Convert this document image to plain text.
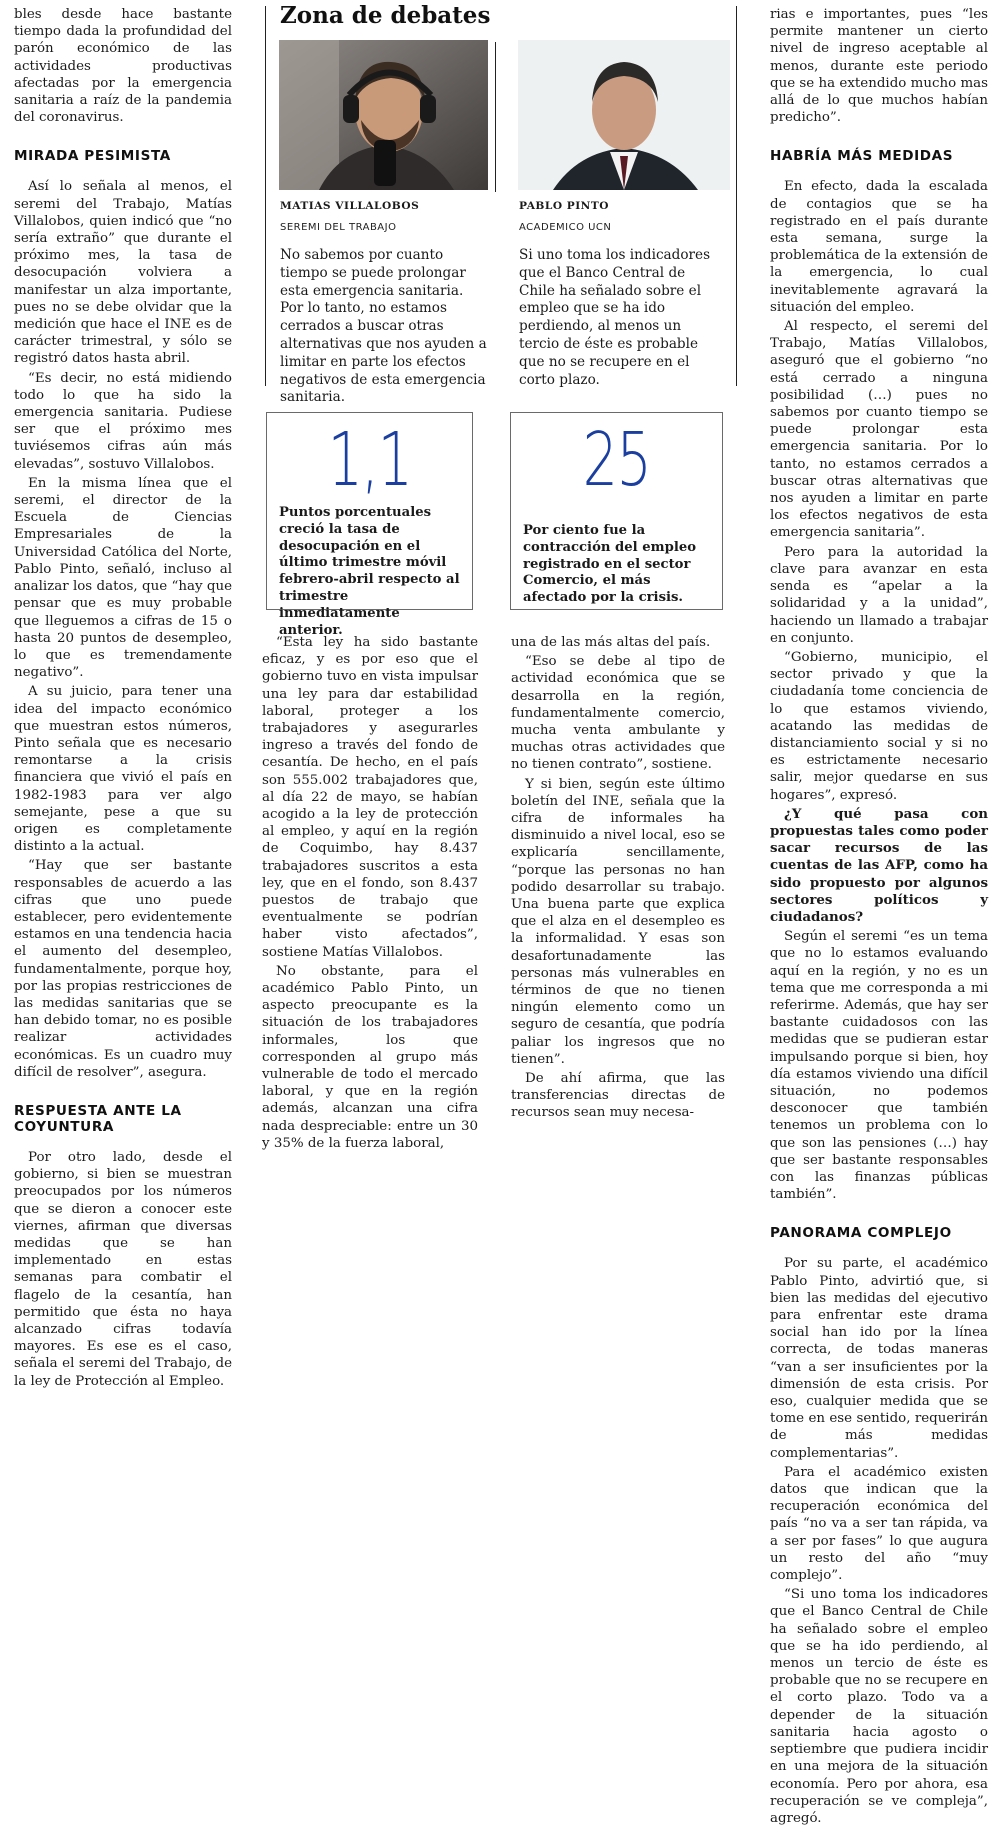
bles desde hace bastante tiempo dada la profundidad del parón económico de las actividades productivas afectadas por la emergencia sanitaria a raíz de la pandemia del coronavirus.

MIRADA PESIMISTA

Así lo señala al menos, el seremi del Trabajo, Matías Villalobos, quien indicó que “no sería extraño” que durante el próximo mes, la tasa de desocupación volviera a manifestar un alza importante, pues no se debe olvidar que la medición que hace el INE es de carácter trimestral, y sólo se registró datos hasta abril.

“Es decir, no está midiendo todo lo que ha sido la emergencia sanitaria. Pudiese ser que el próximo mes tuviésemos cifras aún más elevadas”, sostuvo Villalobos.

En la misma línea que el seremi, el director de la Escuela de Ciencias Empresariales de la Universidad Católica del Norte, Pablo Pinto, señaló, incluso al analizar los datos, que “hay que pensar que es muy probable que lleguemos a cifras de 15 o hasta 20 puntos de desempleo, lo que es tremendamente negativo”.

A su juicio, para tener una idea del impacto económico que muestran estos números, Pinto señala que es necesario remontarse a la crisis financiera que vivió el país en 1982-1983 para ver algo semejante, pese a que su origen es completamente distinto a la actual.

“Hay que ser bastante responsables de acuerdo a las cifras que uno puede establecer, pero evidentemente estamos en una tendencia hacia el aumento del desempleo, fundamentalmente, porque hoy, por las propias restricciones de las medidas sanitarias que se han debido tomar, no es posible realizar actividades económicas. Es un cuadro muy difícil de resolver”, asegura.

RESPUESTA ANTE LA COYUNTURA

Por otro lado, desde el gobierno, si bien se muestran preocupados por los números que se dieron a conocer este viernes, afirman que diversas medidas que se han implementado en estas semanas para combatir el flagelo de la cesantía, han permitido que ésta no haya alcanzado cifras todavía mayores. Es ese es el caso, señala el seremi del Trabajo, de la ley de Protección al Empleo.

Zona de debates
MATIAS VILLALOBOS
SEREMI DEL TRABAJO
No sabemos por cuanto tiempo se puede prolongar esta emergencia sanitaria. Por lo tanto, no estamos cerrados a buscar otras alternativas que nos ayuden a limitar en parte los efectos negativos de esta emergencia sanitaria.
PABLO PINTO
ACADEMICO UCN
Si uno toma los indicadores que el Banco Central de Chile ha señalado sobre el empleo que se ha ido perdiendo, al menos un tercio de éste es probable que no se recupere en el corto plazo.
1,1
Puntos porcentuales creció la tasa de desocupación en el último trimestre móvil febrero-abril respecto al trimestre inmediatamente anterior.
25
Por ciento fue la contracción del empleo registrado en el sector Comercio, el más afectado por la crisis.

“Esta ley ha sido bastante eficaz, y es por eso que el gobierno tuvo en vista impulsar una ley para dar estabilidad laboral, proteger a los trabajadores y asegurarles ingreso a través del fondo de cesantía. De hecho, en el país son 555.002 trabajadores que, al día 22 de mayo, se habían acogido a la ley de protección al empleo, y aquí en la región de Coquimbo, hay 8.437 trabajadores suscritos a esta ley, que en el fondo, son 8.437 puestos de trabajo que eventualmente se podrían haber visto afectados”, sostiene Matías Villalobos.

No obstante, para el académico Pablo Pinto, un aspecto preocupante es la situación de los trabajadores informales, los que corresponden al grupo más vulnerable de todo el mercado laboral, y que en la región además, alcanzan una cifra nada despreciable: entre un 30 y 35% de la fuerza laboral,

una de las más altas del país.

“Eso se debe al tipo de actividad económica que se desarrolla en la región, fundamentalmente comercio, mucha venta ambulante y muchas otras actividades que no tienen contrato”, sostiene.

Y si bien, según este último boletín del INE, señala que la cifra de informales ha disminuido a nivel local, eso se explicaría sencillamente, “porque las personas no han podido desarrollar su trabajo. Una buena parte que explica que el alza en el desempleo es la informalidad. Y esas son desafortunadamente las personas más vulnerables en términos de que no tienen ningún elemento como un seguro de cesantía, que podría paliar los ingresos que no tienen”.

De ahí afirma, que las transferencias directas de recursos sean muy necesa-

rias e importantes, pues “les permite mantener un cierto nivel de ingreso aceptable al menos, durante este periodo que se ha extendido mucho mas allá de lo que muchos habían predicho”.

HABRÍA MÁS MEDIDAS

En efecto, dada la escalada de contagios que se ha registrado en el país durante esta semana, surge la problemática de la extensión de la emergencia, lo cual inevitablemente agravará la situación del empleo.

Al respecto, el seremi del Trabajo, Matías Villalobos, aseguró que el gobierno “no está cerrado a ninguna posibilidad (…) pues no sabemos por cuanto tiempo se puede prolongar esta emergencia sanitaria. Por lo tanto, no estamos cerrados a buscar otras alternativas que nos ayuden a limitar en parte los efectos negativos de esta emergencia sanitaria”.

Pero para la autoridad la clave para avanzar en esta senda es “apelar a la solidaridad y a la unidad”, haciendo un llamado a trabajar en conjunto.

“Gobierno, municipio, el sector privado y que la ciudadanía tome conciencia de lo que estamos viviendo, acatando las medidas de distanciamiento social y si no es estrictamente necesario salir, mejor quedarse en sus hogares”, expresó.

¿Y qué pasa con propuestas tales como poder sacar recursos de las cuentas de las AFP, como ha sido propuesto por algunos sectores políticos y ciudadanos?

Según el seremi “es un tema que no lo estamos evaluando aquí en la región, y no es un tema que me corresponda a mi referirme. Además, que hay ser bastante cuidadosos con las medidas que se pudieran estar impulsando porque si bien, hoy día estamos viviendo una difícil situación, no podemos desconocer que también tenemos un problema con lo que son las pensiones (…) hay que ser bastante responsables con las finanzas públicas también”.

PANORAMA COMPLEJO

Por su parte, el académico Pablo Pinto, advirtió que, si bien las medidas del ejecutivo para enfrentar este drama social han ido por la línea correcta, de todas maneras “van a ser insuficientes por la dimensión de esta crisis. Por eso, cualquier medida que se tome en ese sentido, requerirán de más medidas complementarias”.

Para el académico existen datos que indican que la recuperación económica del país “no va a ser tan rápida, va a ser por fases” lo que augura un resto del año “muy complejo”.

“Si uno toma los indicadores que el Banco Central de Chile ha señalado sobre el empleo que se ha ido perdiendo, al menos un tercio de éste es probable que no se recupere en el corto plazo. Todo va a depender de la situación sanitaria hacia agosto o septiembre que pudiera incidir en una mejora de la situación economía. Pero por ahora, esa recuperación se ve compleja”, agregó.
